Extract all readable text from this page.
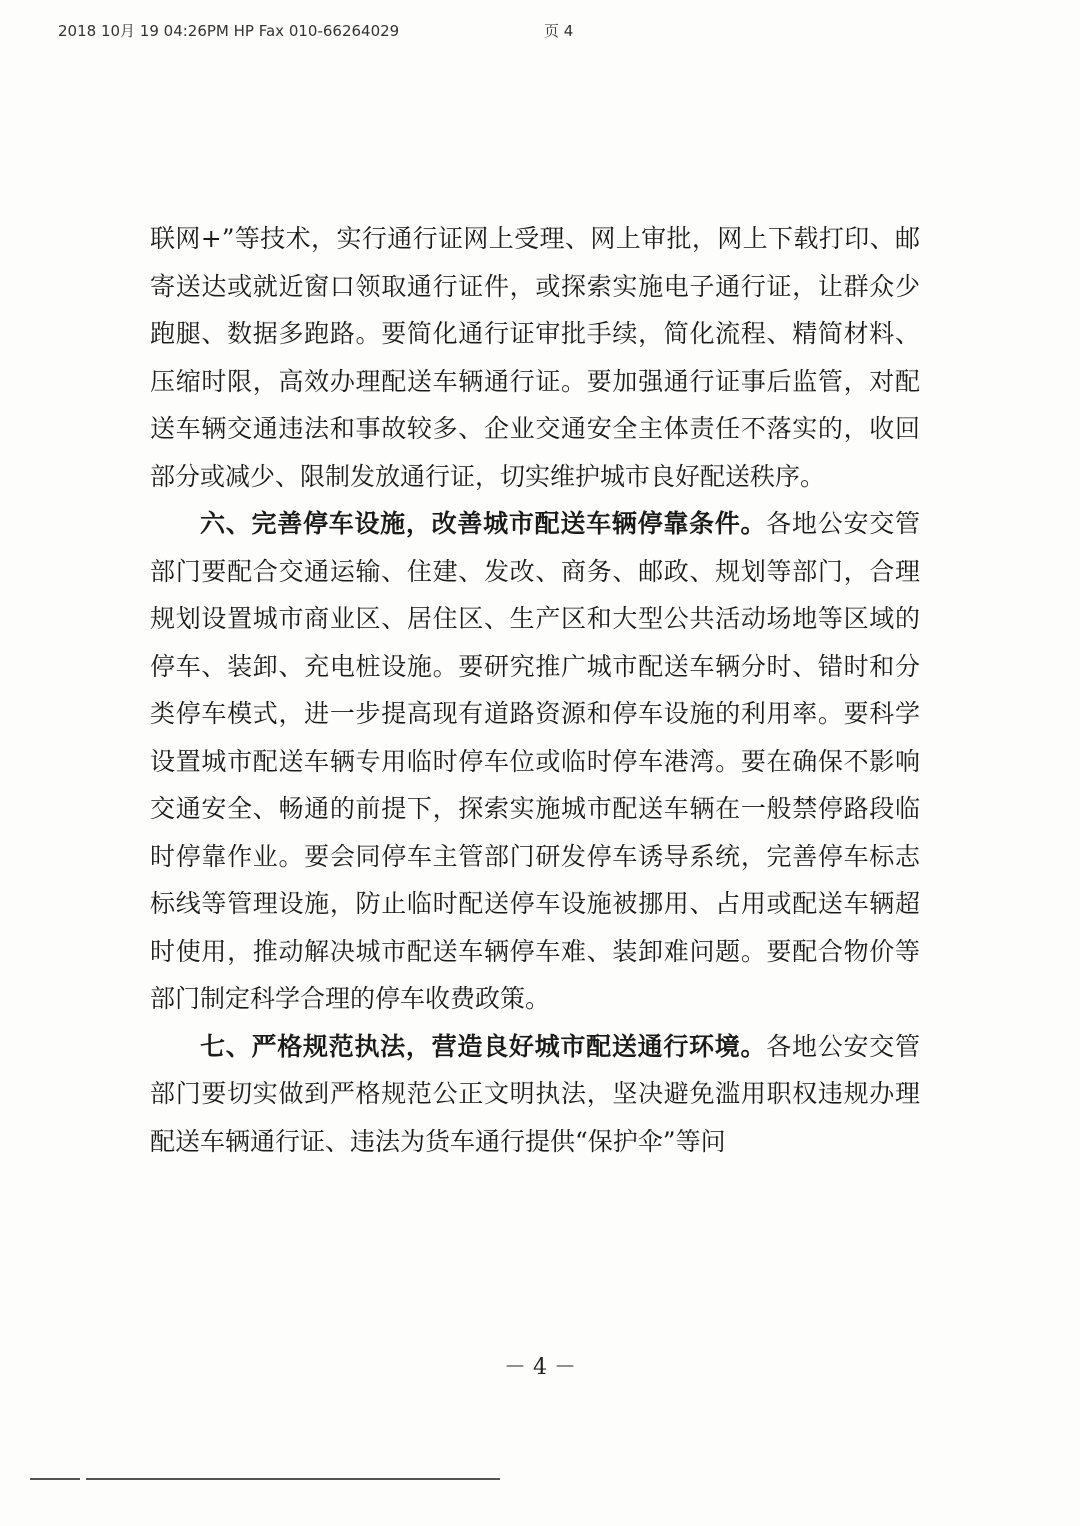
2018 10月 19 04:26PM HP Fax 010-66264029	页 4

联网+”等技术，实行通行证网上受理、网上审批，网上下载打印、邮寄送达或就近窗口领取通行证件，或探索实施电子通行证，让群众少跑腿、数据多跑路。要简化通行证审批手续，简化流程、精简材料、压缩时限，高效办理配送车辆通行证。要加强通行证事后监管，对配送车辆交通违法和事故较多、企业交通安全主体责任不落实的，收回部分或减少、限制发放通行证，切实维护城市良好配送秩序。

六、完善停车设施，改善城市配送车辆停靠条件。各地公安交管部门要配合交通运输、住建、发改、商务、邮政、规划等部门，合理规划设置城市商业区、居住区、生产区和大型公共活动场地等区域的停车、装卸、充电桩设施。要研究推广城市配送车辆分时、错时和分类停车模式，进一步提高现有道路资源和停车设施的利用率。要科学设置城市配送车辆专用临时停车位或临时停车港湾。要在确保不影响交通安全、畅通的前提下，探索实施城市配送车辆在一般禁停路段临时停靠作业。要会同停车主管部门研发停车诱导系统，完善停车标志标线等管理设施，防止临时配送停车设施被挪用、占用或配送车辆超时使用，推动解决城市配送车辆停车难、装卸难问题。要配合物价等部门制定科学合理的停车收费政策。

七、严格规范执法，营造良好城市配送通行环境。各地公安交管部门要切实做到严格规范公正文明执法，坚决避免滥用职权违规办理配送车辆通行证、违法为货车通行提供“保护伞”等问

－ 4 －
